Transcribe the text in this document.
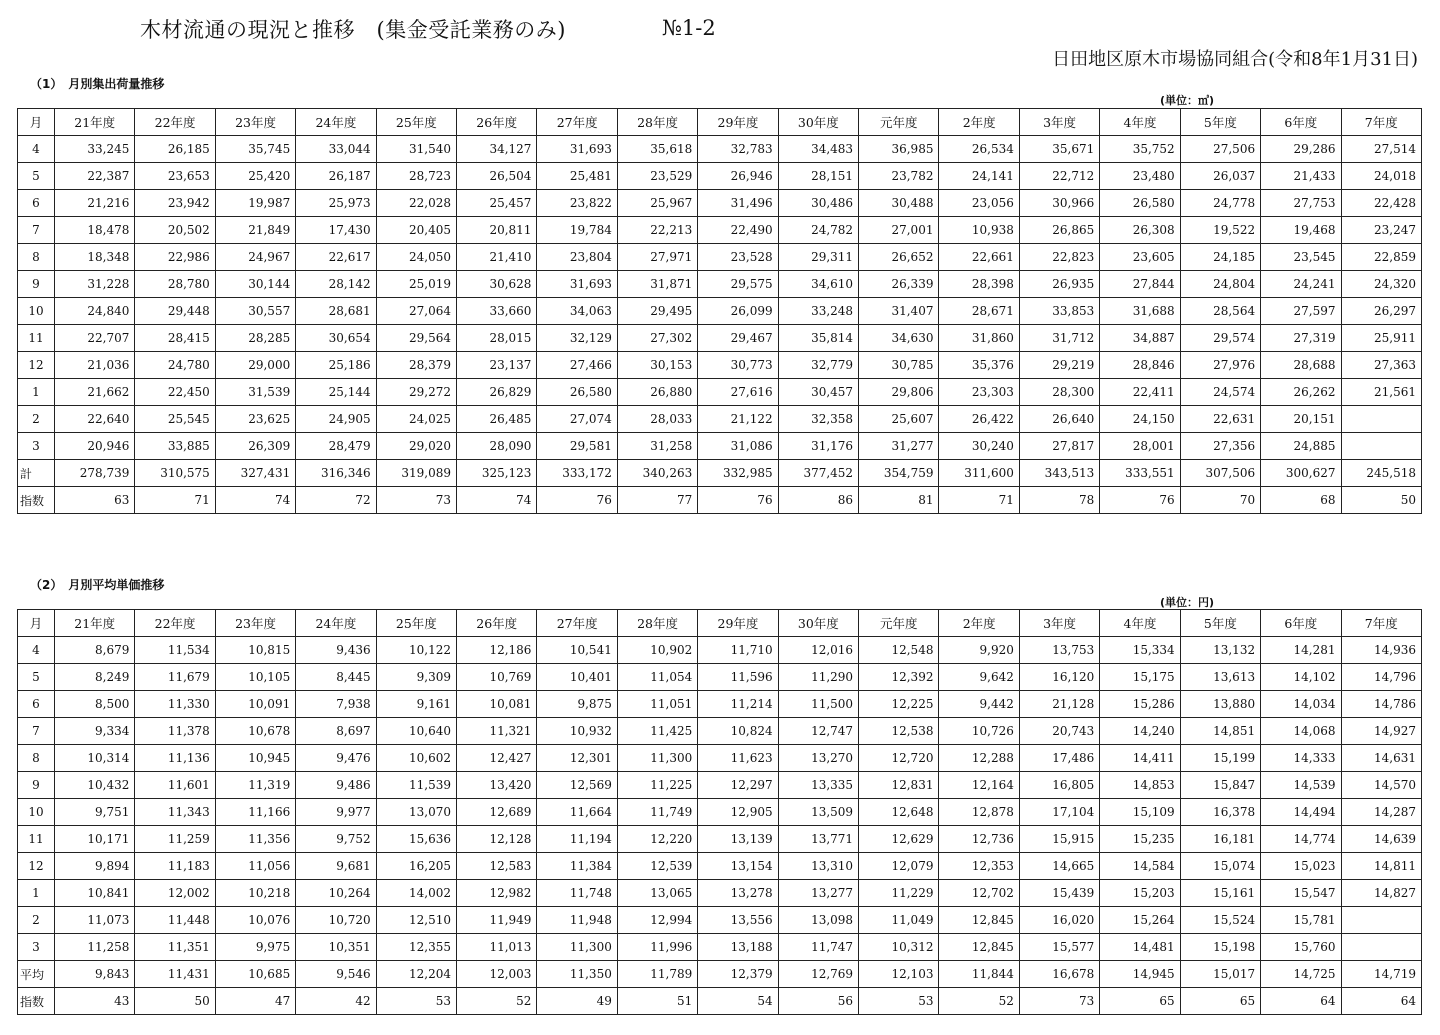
木材流通の現況と推移　(集金受託業務のみ)	№1-2
日田地区原木市場協同組合(令和8年1月31日)
（1）　月別集出荷量推移
(単位：㎥)
月	21年度	22年度	23年度	24年度	25年度	26年度	27年度	28年度	29年度	30年度	元年度	2年度	3年度	4年度	5年度	6年度	7年度
4	33,245	26,185	35,745	33,044	31,540	34,127	31,693	35,618	32,783	34,483	36,985	26,534	35,671	35,752	27,506	29,286	27,514
5	22,387	23,653	25,420	26,187	28,723	26,504	25,481	23,529	26,946	28,151	23,782	24,141	22,712	23,480	26,037	21,433	24,018
6	21,216	23,942	19,987	25,973	22,028	25,457	23,822	25,967	31,496	30,486	30,488	23,056	30,966	26,580	24,778	27,753	22,428
7	18,478	20,502	21,849	17,430	20,405	20,811	19,784	22,213	22,490	24,782	27,001	10,938	26,865	26,308	19,522	19,468	23,247
8	18,348	22,986	24,967	22,617	24,050	21,410	23,804	27,971	23,528	29,311	26,652	22,661	22,823	23,605	24,185	23,545	22,859
9	31,228	28,780	30,144	28,142	25,019	30,628	31,693	31,871	29,575	34,610	26,339	28,398	26,935	27,844	24,804	24,241	24,320
10	24,840	29,448	30,557	28,681	27,064	33,660	34,063	29,495	26,099	33,248	31,407	28,671	33,853	31,688	28,564	27,597	26,297
11	22,707	28,415	28,285	30,654	29,564	28,015	32,129	27,302	29,467	35,814	34,630	31,860	31,712	34,887	29,574	27,319	25,911
12	21,036	24,780	29,000	25,186	28,379	23,137	27,466	30,153	30,773	32,779	30,785	35,376	29,219	28,846	27,976	28,688	27,363
1	21,662	22,450	31,539	25,144	29,272	26,829	26,580	26,880	27,616	30,457	29,806	23,303	28,300	22,411	24,574	26,262	21,561
2	22,640	25,545	23,625	24,905	24,025	26,485	27,074	28,033	21,122	32,358	25,607	26,422	26,640	24,150	22,631	20,151	
3	20,946	33,885	26,309	28,479	29,020	28,090	29,581	31,258	31,086	31,176	31,277	30,240	27,817	28,001	27,356	24,885	
計	278,739	310,575	327,431	316,346	319,089	325,123	333,172	340,263	332,985	377,452	354,759	311,600	343,513	333,551	307,506	300,627	245,518
指数	63	71	74	72	73	74	76	77	76	86	81	71	78	76	70	68	50
（2）　月別平均単価推移
(単位：円)
月	21年度	22年度	23年度	24年度	25年度	26年度	27年度	28年度	29年度	30年度	元年度	2年度	3年度	4年度	5年度	6年度	7年度
4	8,679	11,534	10,815	9,436	10,122	12,186	10,541	10,902	11,710	12,016	12,548	9,920	13,753	15,334	13,132	14,281	14,936
5	8,249	11,679	10,105	8,445	9,309	10,769	10,401	11,054	11,596	11,290	12,392	9,642	16,120	15,175	13,613	14,102	14,796
6	8,500	11,330	10,091	7,938	9,161	10,081	9,875	11,051	11,214	11,500	12,225	9,442	21,128	15,286	13,880	14,034	14,786
7	9,334	11,378	10,678	8,697	10,640	11,321	10,932	11,425	10,824	12,747	12,538	10,726	20,743	14,240	14,851	14,068	14,927
8	10,314	11,136	10,945	9,476	10,602	12,427	12,301	11,300	11,623	13,270	12,720	12,288	17,486	14,411	15,199	14,333	14,631
9	10,432	11,601	11,319	9,486	11,539	13,420	12,569	11,225	12,297	13,335	12,831	12,164	16,805	14,853	15,847	14,539	14,570
10	9,751	11,343	11,166	9,977	13,070	12,689	11,664	11,749	12,905	13,509	12,648	12,878	17,104	15,109	16,378	14,494	14,287
11	10,171	11,259	11,356	9,752	15,636	12,128	11,194	12,220	13,139	13,771	12,629	12,736	15,915	15,235	16,181	14,774	14,639
12	9,894	11,183	11,056	9,681	16,205	12,583	11,384	12,539	13,154	13,310	12,079	12,353	14,665	14,584	15,074	15,023	14,811
1	10,841	12,002	10,218	10,264	14,002	12,982	11,748	13,065	13,278	13,277	11,229	12,702	15,439	15,203	15,161	15,547	14,827
2	11,073	11,448	10,076	10,720	12,510	11,949	11,948	12,994	13,556	13,098	11,049	12,845	16,020	15,264	15,524	15,781	
3	11,258	11,351	9,975	10,351	12,355	11,013	11,300	11,996	13,188	11,747	10,312	12,845	15,577	14,481	15,198	15,760	
平均	9,843	11,431	10,685	9,546	12,204	12,003	11,350	11,789	12,379	12,769	12,103	11,844	16,678	14,945	15,017	14,725	14,719
指数	43	50	47	42	53	52	49	51	54	56	53	52	73	65	65	64	64
